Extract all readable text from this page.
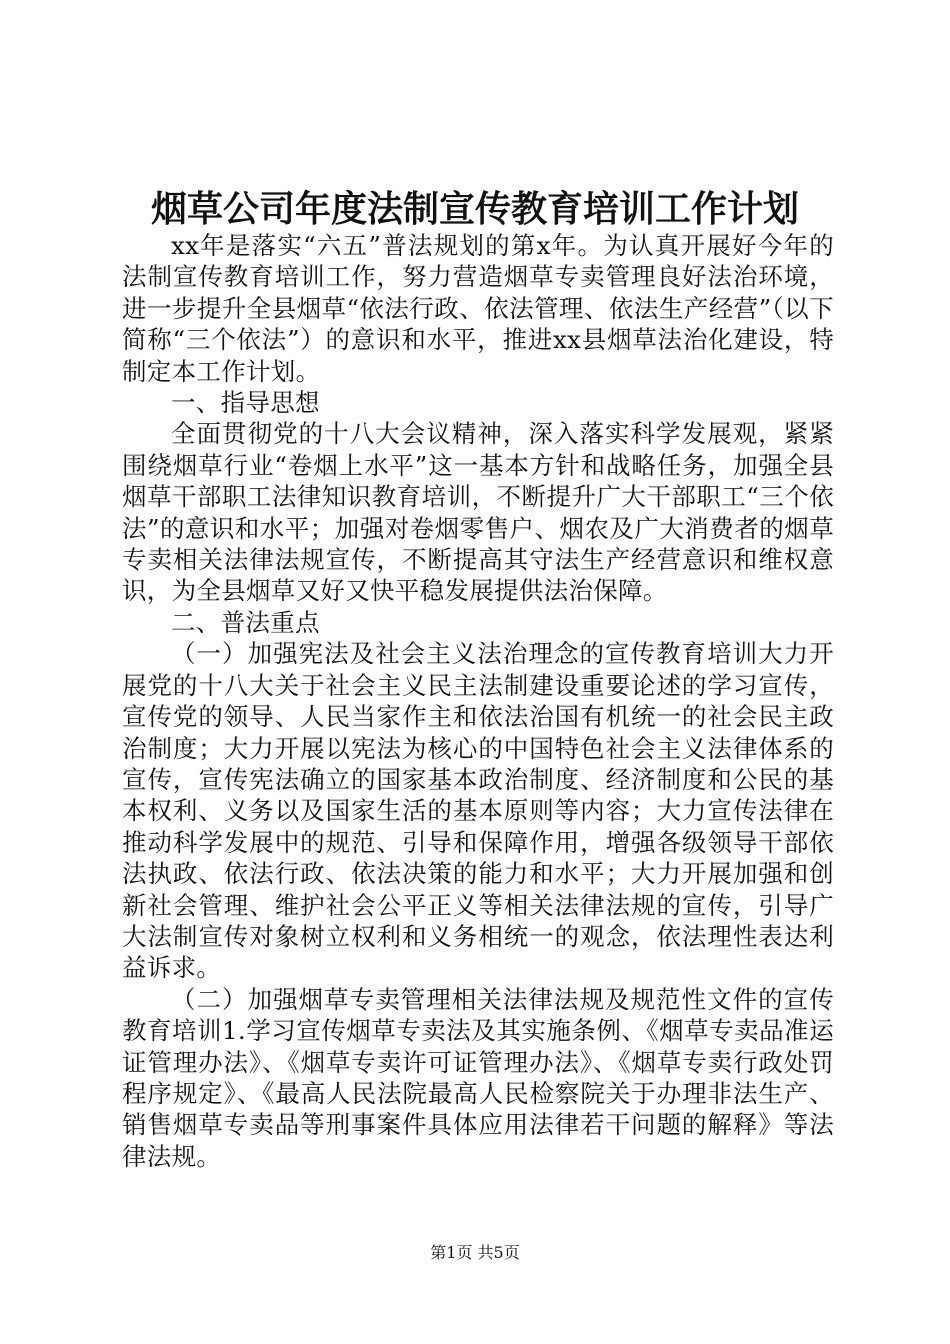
烟草公司年度法制宣传教育培训工作计划

xx年是落实“六五”普法规划的第x年。为认真开展好今年的法制宣传教育培训工作，努力营造烟草专卖管理良好法治环境，进一步提升全县烟草“依法行政、依法管理、依法生产经营”（以下简称“三个依法”）的意识和水平，推进xx县烟草法治化建设，特制定本工作计划。

一、指导思想

全面贯彻党的十八大会议精神，深入落实科学发展观，紧紧围绕烟草行业“卷烟上水平”这一基本方针和战略任务，加强全县烟草干部职工法律知识教育培训，不断提升广大干部职工“三个依法”的意识和水平；加强对卷烟零售户、烟农及广大消费者的烟草专卖相关法律法规宣传，不断提高其守法生产经营意识和维权意识，为全县烟草又好又快平稳发展提供法治保障。

二、普法重点

（一）加强宪法及社会主义法治理念的宣传教育培训大力开展党的十八大关于社会主义民主法制建设重要论述的学习宣传，宣传党的领导、人民当家作主和依法治国有机统一的社会民主政治制度；大力开展以宪法为核心的中国特色社会主义法律体系的宣传，宣传宪法确立的国家基本政治制度、经济制度和公民的基本权利、义务以及国家生活的基本原则等内容；大力宣传法律在推动科学发展中的规范、引导和保障作用，增强各级领导干部依法执政、依法行政、依法决策的能力和水平；大力开展加强和创新社会管理、维护社会公平正义等相关法律法规的宣传，引导广大法制宣传对象树立权利和义务相统一的观念，依法理性表达利益诉求。

（二）加强烟草专卖管理相关法律法规及规范性文件的宣传教育培训1.学习宣传烟草专卖法及其实施条例、《烟草专卖品准运证管理办法》、《烟草专卖许可证管理办法》、《烟草专卖行政处罚程序规定》、《最高人民法院最高人民检察院关于办理非法生产、销售烟草专卖品等刑事案件具体应用法律若干问题的解释》等法律法规。

第1页 共5页
